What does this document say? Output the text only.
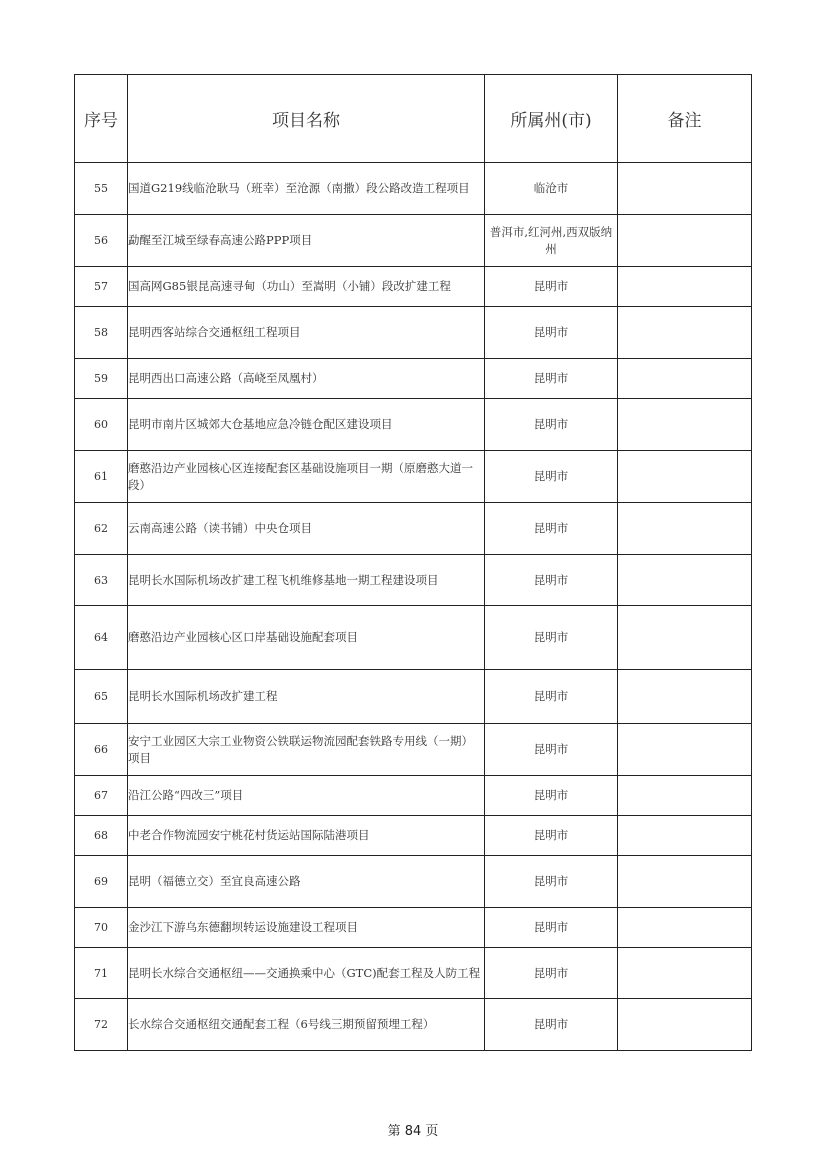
序号	项目名称	所属州(市)	备注
55	国道G219线临沧耿马（班幸）至沧源（南撒）段公路改造工程项目	临沧市	
56	勐醒至江城至绿春高速公路PPP项目	普洱市,红河州,西双版纳州	
57	国高网G85银昆高速寻甸（功山）至嵩明（小铺）段改扩建工程	昆明市	
58	昆明西客站综合交通枢纽工程项目	昆明市	
59	昆明西出口高速公路（高峣至凤凰村）	昆明市	
60	昆明市南片区城郊大仓基地应急冷链仓配区建设项目	昆明市	
61	磨憨沿边产业园核心区连接配套区基础设施项目一期（原磨憨大道一段）	昆明市	
62	云南高速公路（读书铺）中央仓项目	昆明市	
63	昆明长水国际机场改扩建工程飞机维修基地一期工程建设项目	昆明市	
64	磨憨沿边产业园核心区口岸基础设施配套项目	昆明市	
65	昆明长水国际机场改扩建工程	昆明市	
66	安宁工业园区大宗工业物资公铁联运物流园配套铁路专用线（一期）项目	昆明市	
67	沿江公路“四改三”项目	昆明市	
68	中老合作物流园安宁桃花村货运站国际陆港项目	昆明市	
69	昆明（福德立交）至宜良高速公路	昆明市	
70	金沙江下游乌东德翻坝转运设施建设工程项目	昆明市	
71	昆明长水综合交通枢纽——交通换乘中心（GTC)配套工程及人防工程	昆明市	
72	长水综合交通枢纽交通配套工程（6号线三期预留预埋工程）	昆明市	
第 84 页
